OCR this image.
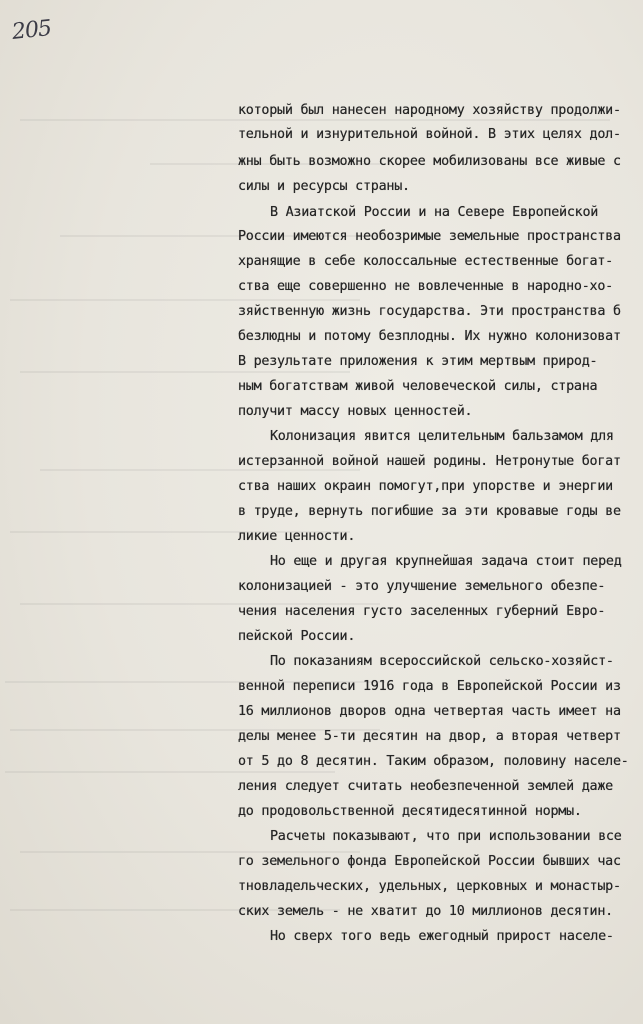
205
который был нанесен народному хозяйству продолжи-
тельной и изнурительной войной. В этих целях дол-
жны быть возможно скорее мобилизованы все живые с
силы и ресурсы страны.
В Азиатской России и на Севере Европейской
России имеются необозримые земельные пространства
хранящие в себе колоссальные естественные богат-
ства еще совершенно не вовлеченные в народно-хо-
зяйственную жизнь государства. Эти пространства б
безлюдны и потому безплодны. Их нужно колонизоват
В результате приложения к этим мертвым природ-
ным богатствам живой человеческой силы, страна
получит массу новых ценностей.
Колонизация явится целительным бальзамом для
истерзанной войной нашей родины. Нетронутые богат
ства наших окраин помогут,при упорстве и энергии
в труде, вернуть погибшие за эти кровавые годы ве
ликие ценности.
Но еще и другая крупнейшая задача стоит перед
колонизацией - это улучшение земельного обезпе-
чения населения густо заселенных губерний Евро-
пейской России.
По показаниям всероссийской сельско-хозяйст-
венной переписи 1916 года в Европейской России из
16 миллионов дворов одна четвертая часть имеет на
делы менее 5-ти десятин на двор, а вторая четверт
от 5 до 8 десятин. Таким образом, половину населе-
ления следует считать необезпеченной землей даже
до продовольственной десятидесятинной нормы.
Расчеты показывают, что при использовании все
го земельного фонда Европейской России бывших час
тновладельческих, удельных, церковных и монастыр-
ских земель - не хватит до 10 миллионов десятин.
Но сверх того ведь ежегодный прирост населе-
